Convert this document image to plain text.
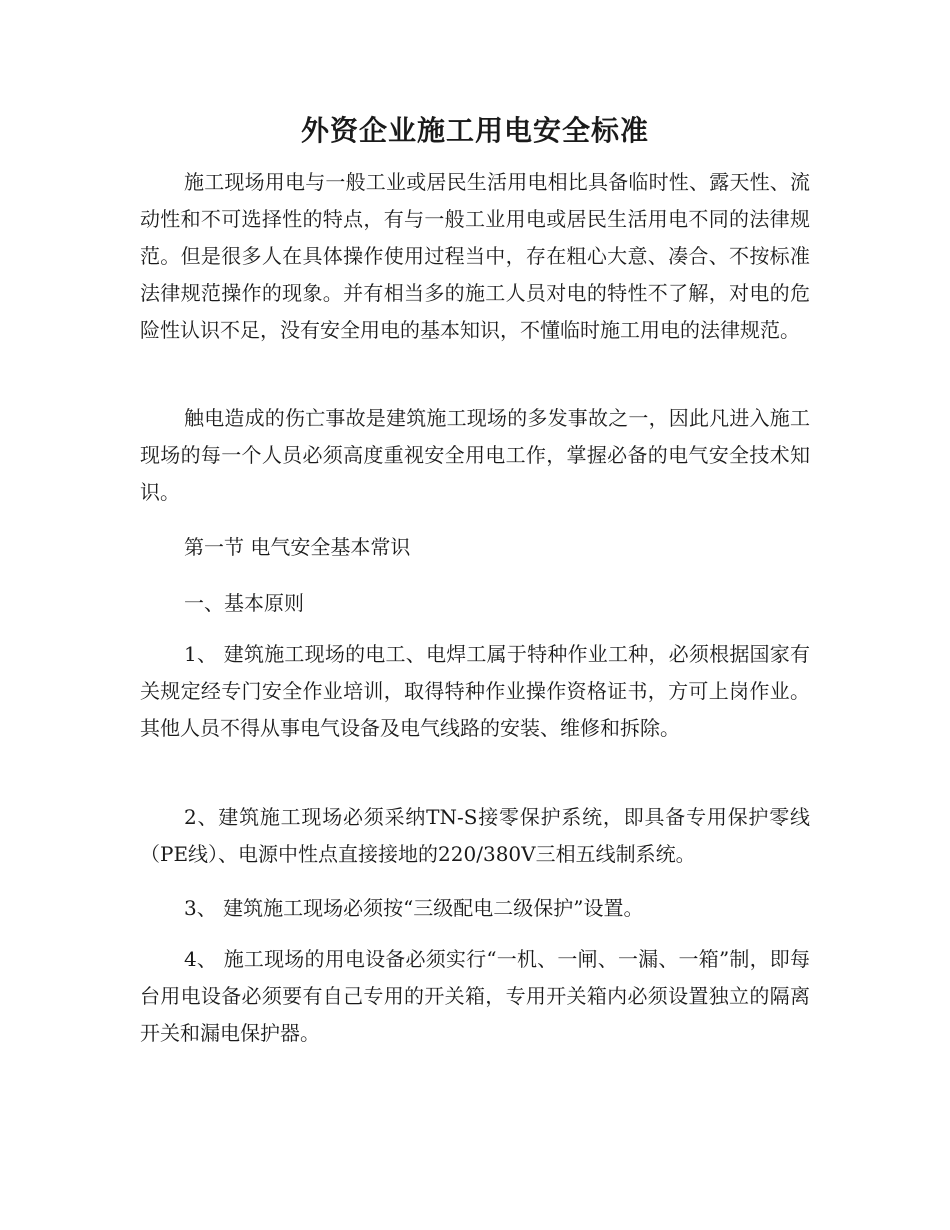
外资企业施工用电安全标准

施工现场用电与一般工业或居民生活用电相比具备临时性、露天性、流动性和不可选择性的特点，有与一般工业用电或居民生活用电不同的法律规范。但是很多人在具体操作使用过程当中，存在粗心大意、凑合、不按标准法律规范操作的现象。并有相当多的施工人员对电的特性不了解，对电的危险性认识不足，没有安全用电的基本知识，不懂临时施工用电的法律规范。

触电造成的伤亡事故是建筑施工现场的多发事故之一，因此凡进入施工现场的每一个人员必须高度重视安全用电工作，掌握必备的电气安全技术知识。

第一节 电气安全基本常识

一、基本原则

1、 建筑施工现场的电工、电焊工属于特种作业工种，必须根据国家有关规定经专门安全作业培训，取得特种作业操作资格证书，方可上岗作业。其他人员不得从事电气设备及电气线路的安装、维修和拆除。

2、建筑施工现场必须采纳TN-S接零保护系统，即具备专用保护零线（PE线）、电源中性点直接接地的220/380V三相五线制系统。

3、 建筑施工现场必须按“三级配电二级保护”设置。

4、 施工现场的用电设备必须实行“一机、一闸、一漏、一箱”制，即每台用电设备必须要有自己专用的开关箱，专用开关箱内必须设置独立的隔离开关和漏电保护器。
